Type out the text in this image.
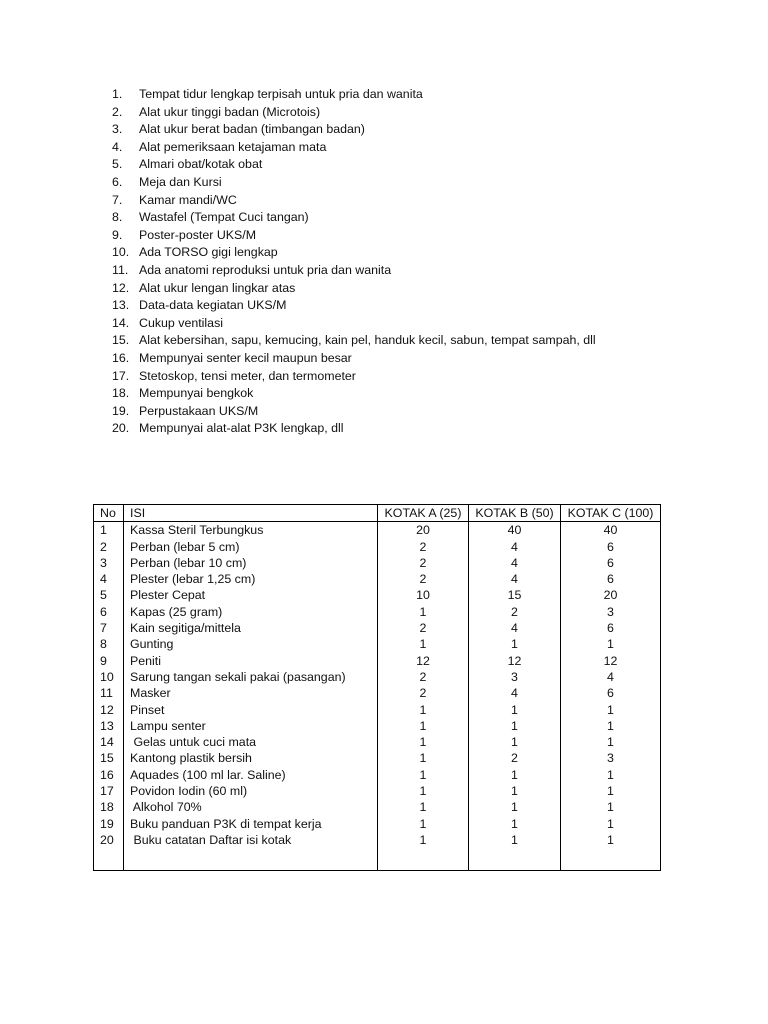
1.	Tempat tidur lengkap terpisah untuk pria dan wanita
2.	Alat ukur tinggi badan (Microtois)
3.	Alat ukur berat badan (timbangan badan)
4.	Alat pemeriksaan ketajaman mata
5.	Almari obat/kotak obat
6.	Meja dan Kursi
7.	Kamar mandi/WC
8.	Wastafel (Tempat Cuci tangan)
9.	Poster-poster UKS/M
10. Ada TORSO gigi lengkap
11. Ada anatomi reproduksi untuk pria dan wanita
12. Alat ukur lengan lingkar atas
13. Data-data kegiatan UKS/M
14. Cukup ventilasi
15. Alat kebersihan, sapu, kemucing, kain pel, handuk kecil, sabun, tempat sampah, dll
16. Mempunyai senter kecil maupun besar
17. Stetoskop, tensi meter, dan termometer
18. Mempunyai bengkok
19. Perpustakaan UKS/M
20. Mempunyai alat-alat P3K lengkap, dll
No	ISI	KOTAK A (25)	KOTAK B (50)	KOTAK C (100)
1	Kassa Steril Terbungkus	20	40	40
2	Perban (lebar 5 cm)	2	4	6
3	Perban (lebar 10 cm)	2	4	6
4	Plester (lebar 1,25 cm)	2	4	6
5	Plester Cepat	10	15	20
6	Kapas (25 gram)	1	2	3
7	Kain segitiga/mittela	2	4	6
8	Gunting	1	1	1
9	Peniti	12	12	12
10	Sarung tangan sekali pakai (pasangan)	2	3	4
11	Masker	2	4	6
12	Pinset	1	1	1
13	Lampu senter	1	1	1
14	Gelas untuk cuci mata	1	1	1
15	Kantong plastik bersih	1	2	3
16	Aquades (100 ml lar. Saline)	1	1	1
17	Povidon Iodin (60 ml)	1	1	1
18	Alkohol 70%	1	1	1
19	Buku panduan P3K di tempat kerja	1	1	1
20	Buku catatan Daftar isi kotak	1	1	1
